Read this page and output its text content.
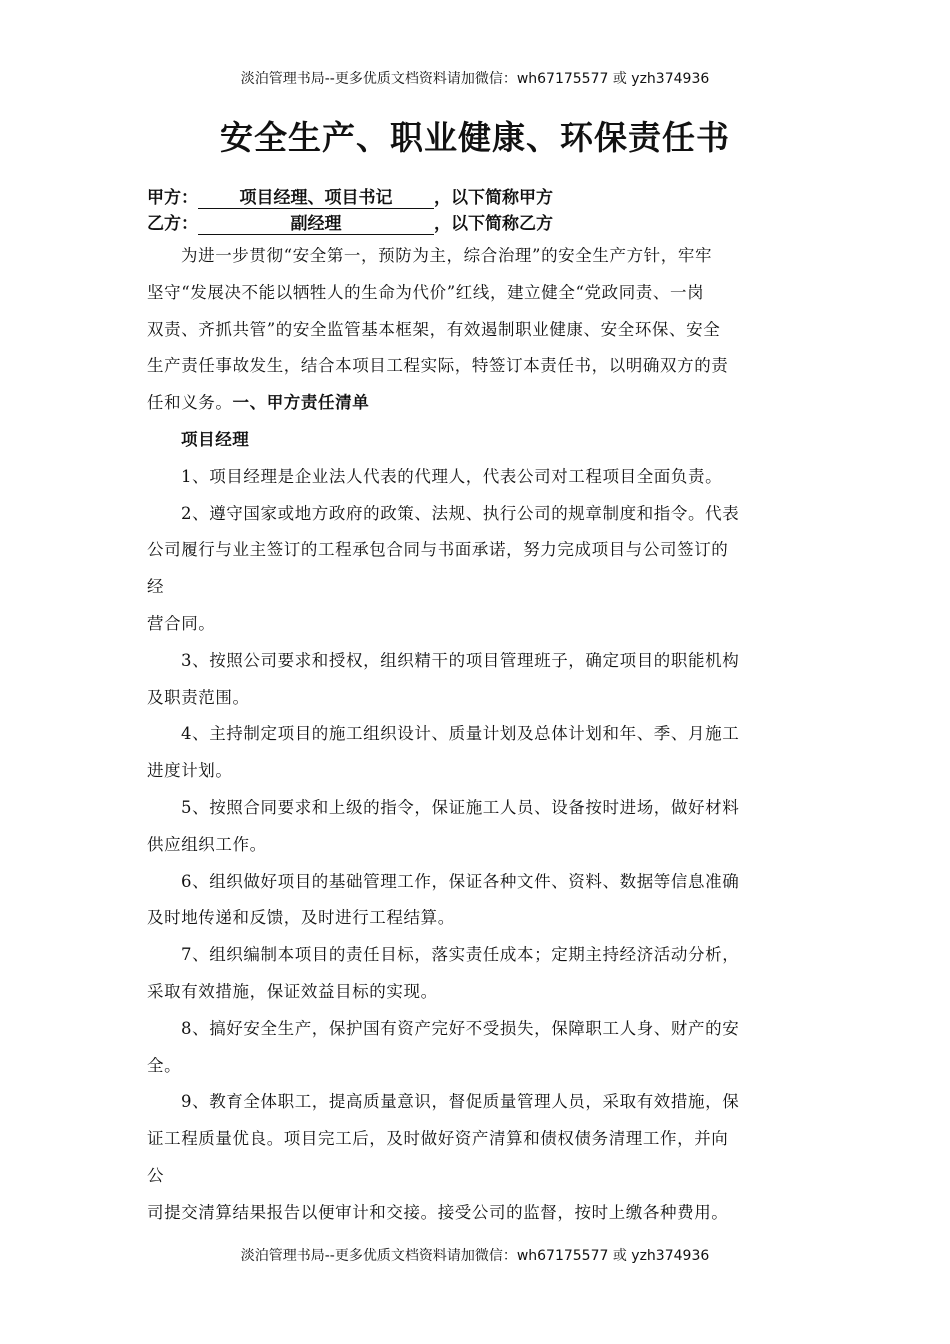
淡泊管理书局--更多优质文档资料请加微信：wh67175577 或 yzh374936
安全生产、职业健康、环保责任书
甲方： 项目经理、项目书记 ，以下简称甲方
乙方：	副经理	，以下简称乙方

为进一步贯彻“安全第一，预防为主，综合治理”的安全生产方针，牢牢

坚守“发展决不能以牺牲人的生命为代价”红线，建立健全“党政同责、一岗

双责、齐抓共管”的安全监管基本框架，有效遏制职业健康、安全环保、安全

生产责任事故发生，结合本项目工程实际，特签订本责任书，以明确双方的责

任和义务。一、甲方责任清单

项目经理

1、项目经理是企业法人代表的代理人，代表公司对工程项目全面负责。

2、遵守国家或地方政府的政策、法规、执行公司的规章制度和指令。代表

公司履行与业主签订的工程承包合同与书面承诺，努力完成项目与公司签订的

经

营合同。

3、按照公司要求和授权，组织精干的项目管理班子，确定项目的职能机构

及职责范围。

4、主持制定项目的施工组织设计、质量计划及总体计划和年、季、月施工

进度计划。

5、按照合同要求和上级的指令，保证施工人员、设备按时进场，做好材料

供应组织工作。

6、组织做好项目的基础管理工作，保证各种文件、资料、数据等信息准确

及时地传递和反馈，及时进行工程结算。

7、组织编制本项目的责任目标，落实责任成本；定期主持经济活动分析，

采取有效措施，保证效益目标的实现。

8、搞好安全生产，保护国有资产完好不受损失，保障职工人身、财产的安

全。

9、教育全体职工，提高质量意识，督促质量管理人员，采取有效措施，保

证工程质量优良。项目完工后，及时做好资产清算和债权债务清理工作，并向

公

司提交清算结果报告以便审计和交接。接受公司的监督，按时上缴各种费用。

淡泊管理书局--更多优质文档资料请加微信：wh67175577 或 yzh374936
